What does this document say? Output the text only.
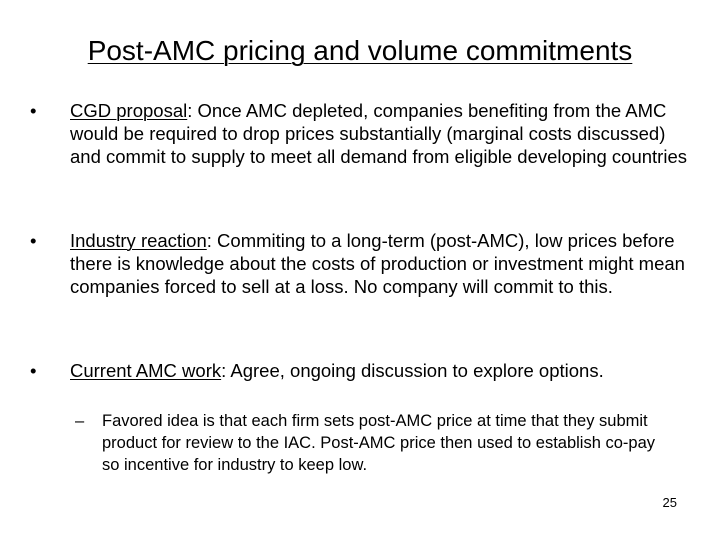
Post-AMC pricing and volume commitments
•	CGD proposal: Once AMC depleted, companies benefiting from the AMC would be required to drop prices substantially (marginal costs discussed) and commit to supply to meet all demand from eligible developing countries
•	Industry reaction: Commiting to a long-term (post-AMC), low prices before there is knowledge about the costs of production or investment might mean companies forced to sell at a loss. No company will commit to this.
•	Current AMC work: Agree, ongoing discussion to explore options.
– Favored idea is that each firm sets post-AMC price at time that they submit product for review to the IAC. Post-AMC price then used to establish co-pay so incentive for industry to keep low.
25
